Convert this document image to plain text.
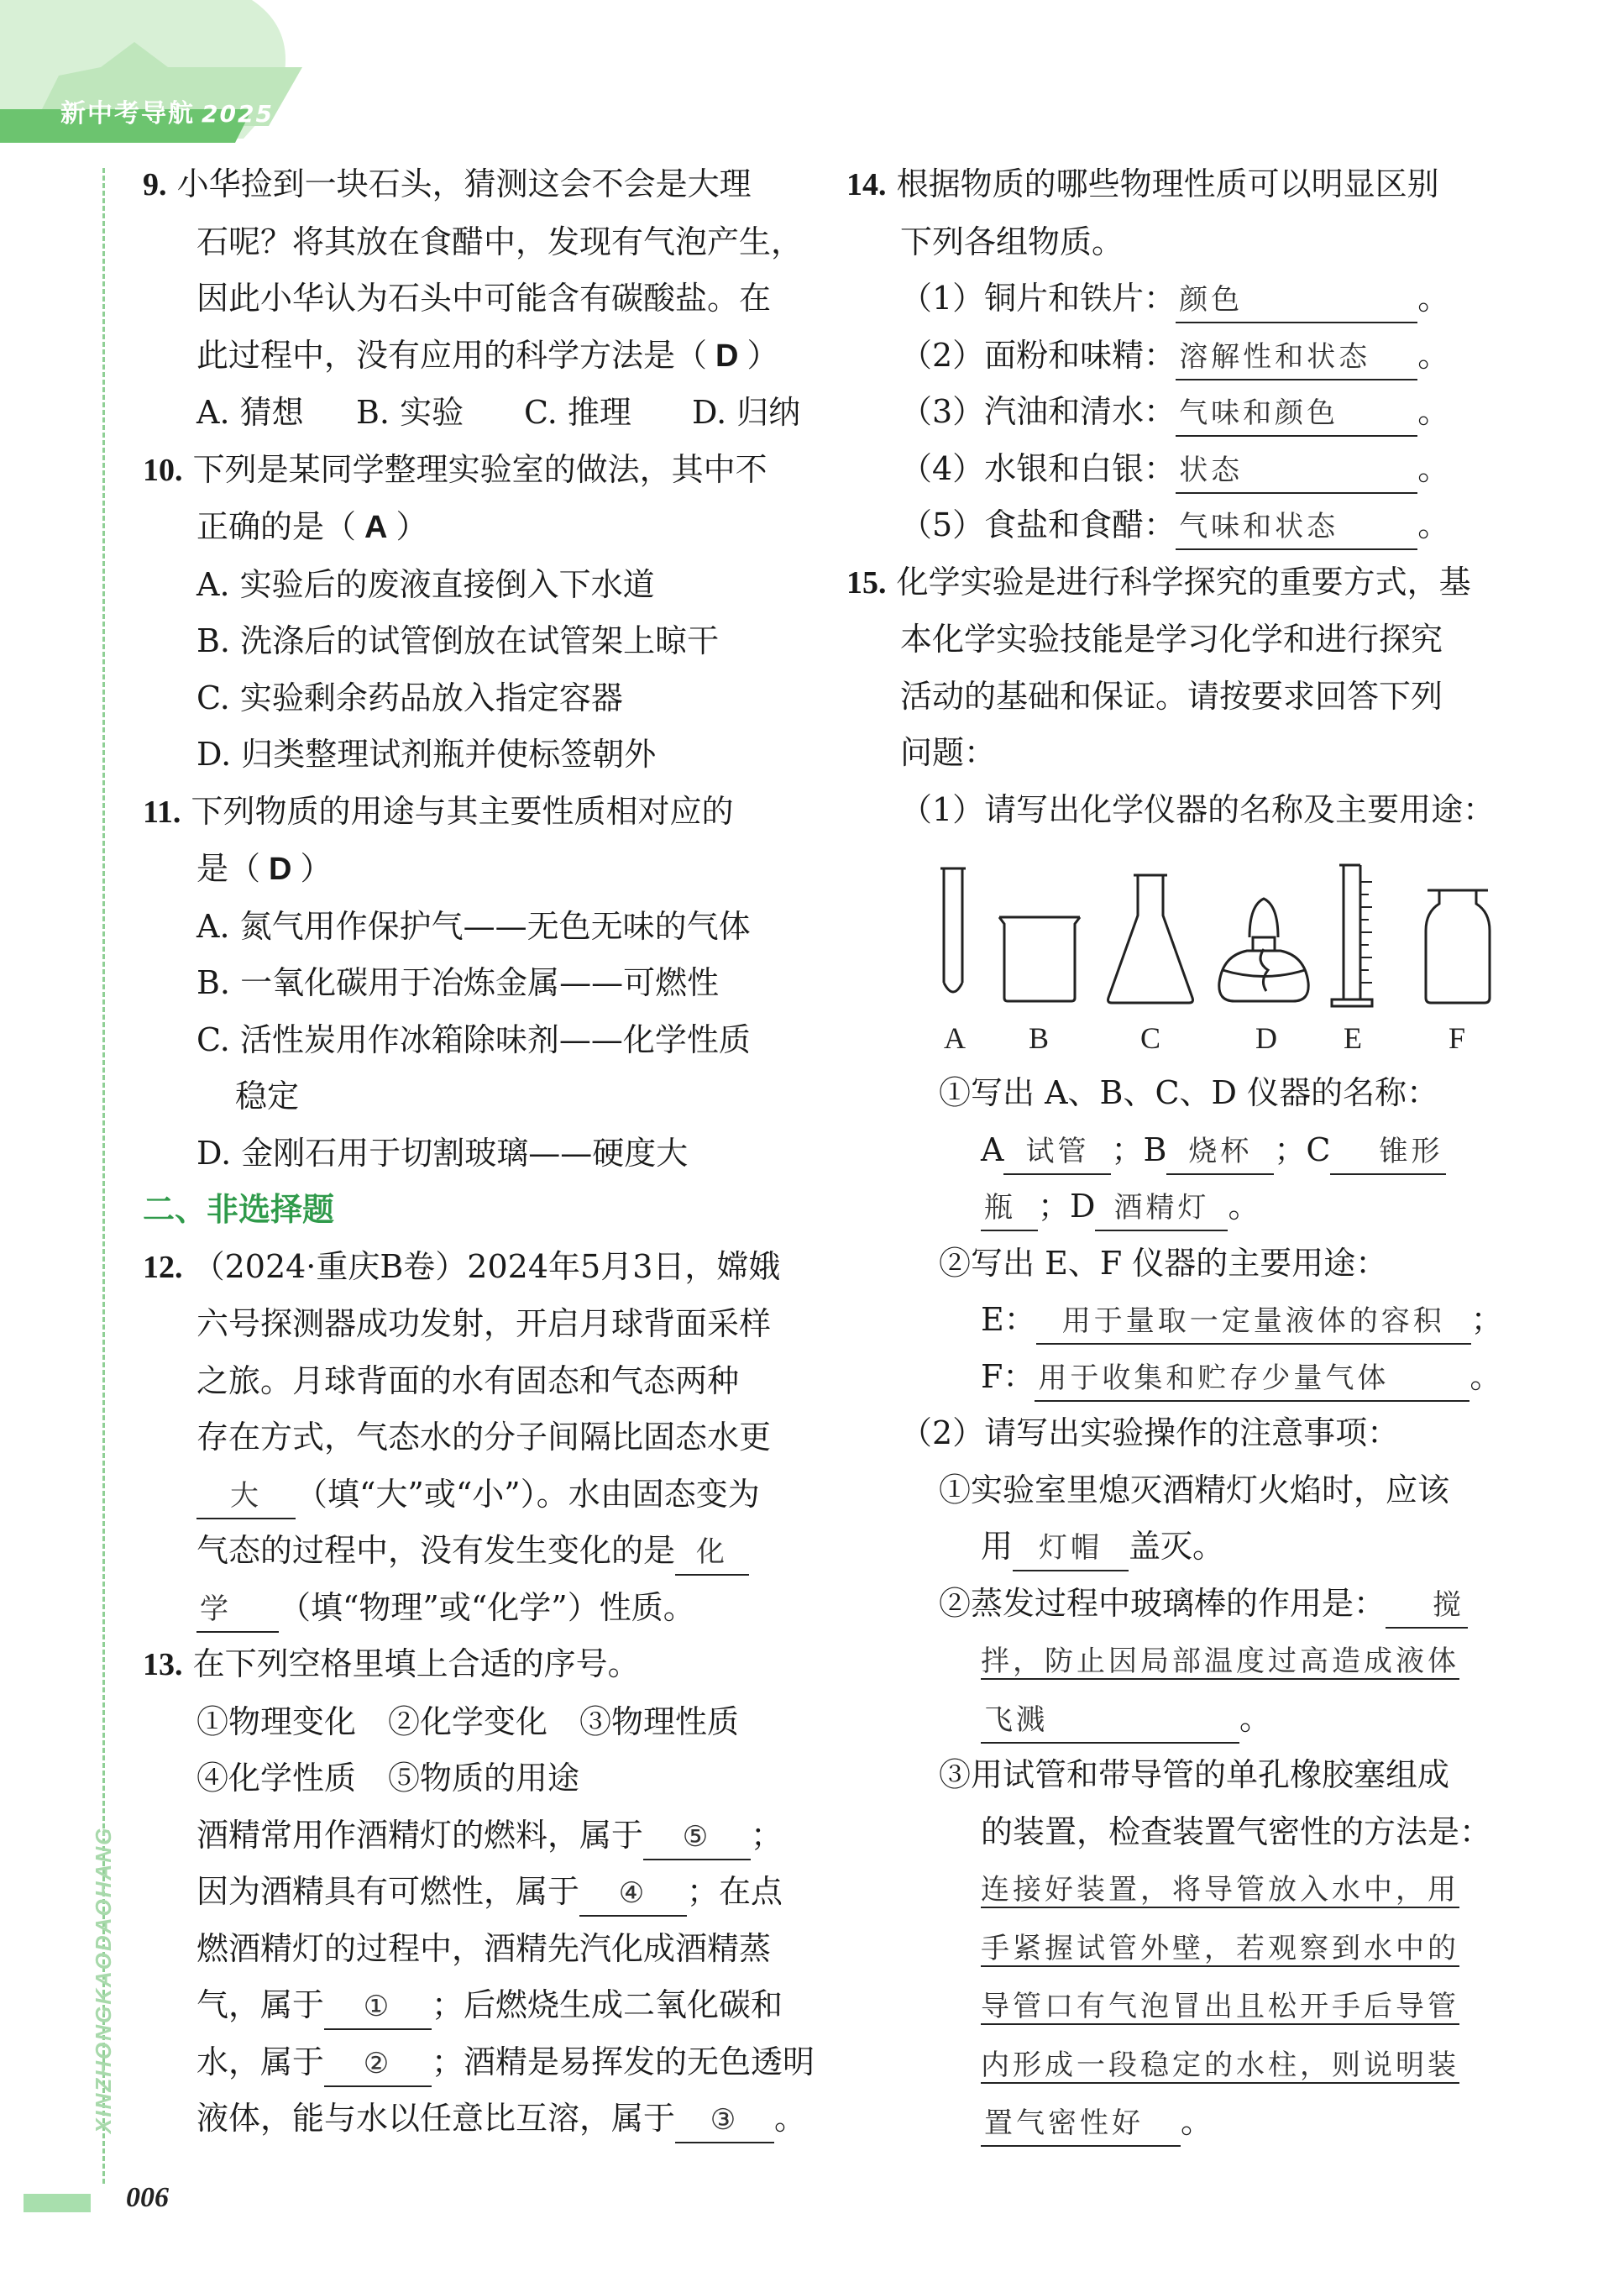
新中考导航 2025
XINZHONGKAODAOHANG
006

9. 小华捡到一块石头，猜测这会不会是大理

石呢？将其放在食醋中，发现有气泡产生，

因此小华认为石头中可能含有碳酸盐。在

此过程中，没有应用的科学方法是（ D ）

A. 猜想 B. 实验 C. 推理 D. 归纳

10. 下列是某同学整理实验室的做法，其中不

正确的是（ A ）

A. 实验后的废液直接倒入下水道

B. 洗涤后的试管倒放在试管架上晾干

C. 实验剩余药品放入指定容器

D. 归类整理试剂瓶并使标签朝外

11. 下列物质的用途与其主要性质相对应的

是（ D ）

A. 氮气用作保护气——无色无味的气体

B. 一氧化碳用于冶炼金属——可燃性

C. 活性炭用作冰箱除味剂——化学性质

稳定

D. 金刚石用于切割玻璃——硬度大

二、非选择题

12. （2024·重庆B卷）2024年5月3日，嫦娥

六号探测器成功发射，开启月球背面采样

之旅。月球背面的水有固态和气态两种

存在方式，气态水的分子间隔比固态水更

大 （填“大”或“小”）。水由固态变为

气态的过程中，没有发生变化的是 化

学 （填“物理”或“化学”）性质。

13. 在下列空格里填上合适的序号。

①物理变化　②化学变化　③物理性质

④化学性质　⑤物质的用途

酒精常用作酒精灯的燃料，属于 ⑤ ；

因为酒精具有可燃性，属于 ④ ；在点

燃酒精灯的过程中，酒精先汽化成酒精蒸

气，属于 ① ；后燃烧生成二氧化碳和

水，属于 ② ；酒精是易挥发的无色透明

液体，能与水以任意比互溶，属于 ③ 。

14. 根据物质的哪些物理性质可以明显区别

下列各组物质。

（1）铜片和铁片： 颜色	。

（2）面粉和味精： 溶解性和状态 。

（3）汽油和清水： 气味和颜色 。

（4）水银和白银： 状态	。

（5）食盐和食醋： 气味和状态 。

15. 化学实验是进行科学探究的重要方式，基

本化学实验技能是学习化学和进行探究

活动的基础和保证。请按要求回答下列

问题：

（1）请写出化学仪器的名称及主要用途：

①写出 A、B、C、D 仪器的名称：

A 试管 ；B 烧杯 ；C 锥形

瓶 ；D 酒精灯 。

②写出 E、F 仪器的主要用途：

E： 用于量取一定量液体的容积 ；

F： 用于收集和贮存少量气体	。

（2）请写出实验操作的注意事项：

①实验室里熄灭酒精灯火焰时，应该

用 灯帽 盖灭。

②蒸发过程中玻璃棒的作用是： 搅

拌，防止因局部温度过高造成液体

飞溅	。

③用试管和带导管的单孔橡胶塞组成

的装置，检查装置气密性的方法是：

连接好装置，将导管放入水中，用

手紧握试管外壁，若观察到水中的

导管口有气泡冒出且松开手后导管

内形成一段稳定的水柱，则说明装

置气密性好 。

A B	C	D E	F
